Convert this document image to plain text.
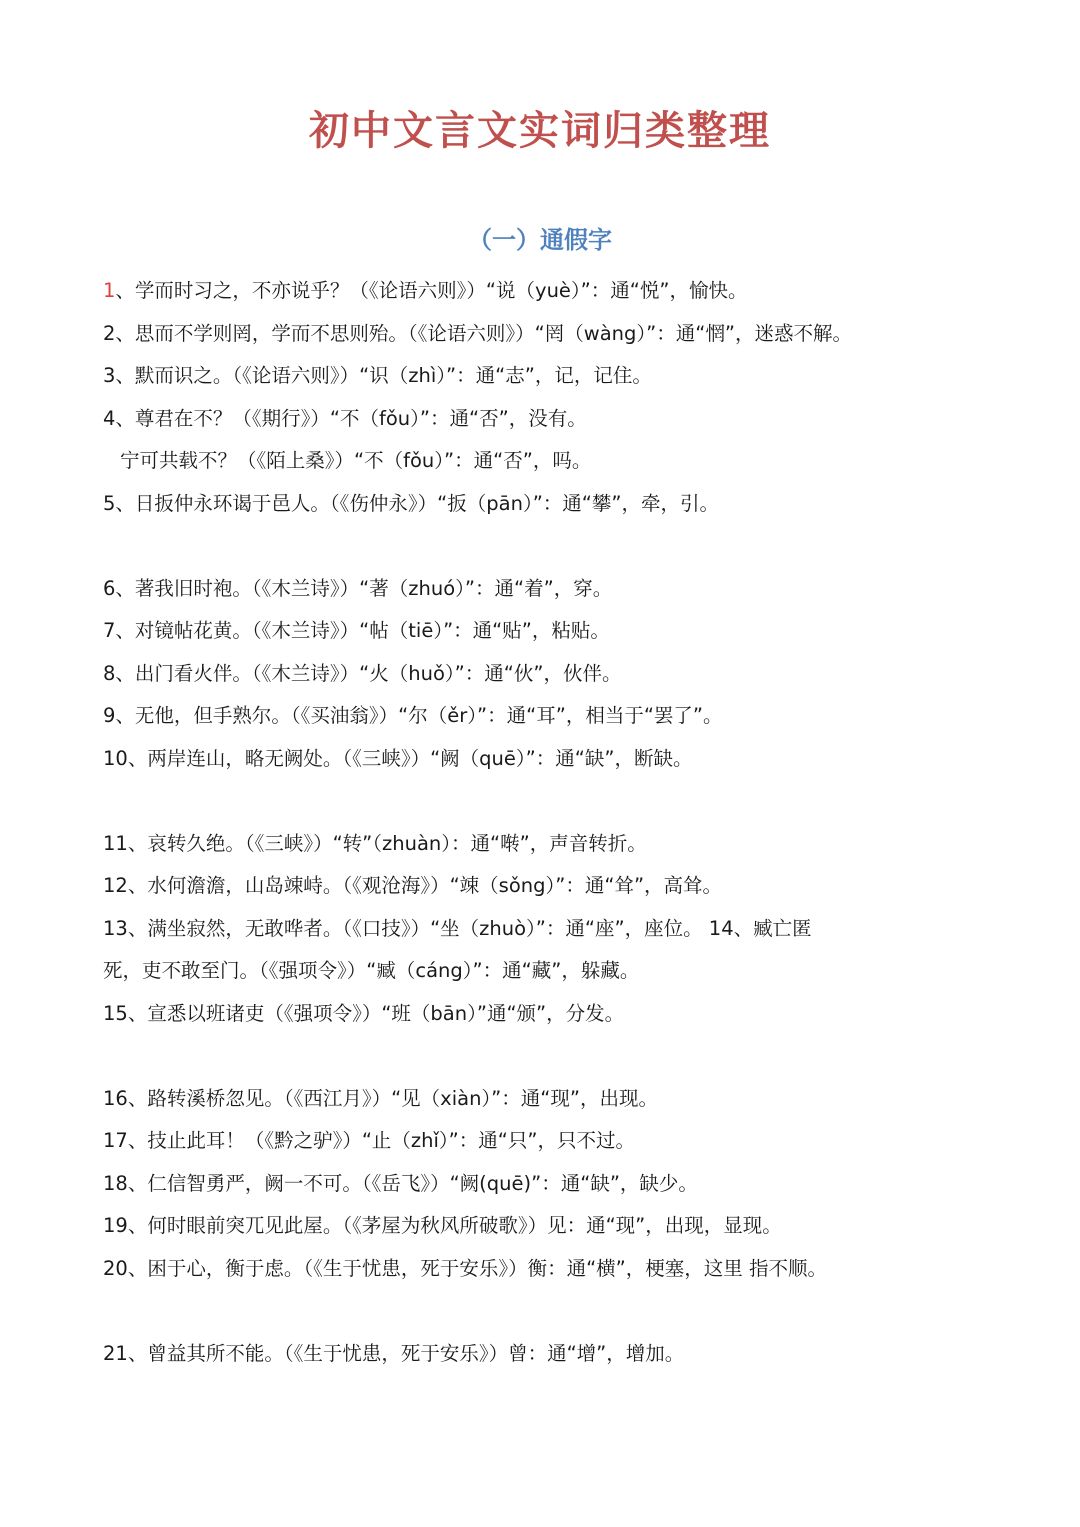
初中文言文实词归类整理
（一）通假字
1、学而时习之，不亦说乎？（《论语六则》）“说（yuè）”：通“悦”，愉快。
2、思而不学则罔，学而不思则殆。（《论语六则》）“罔（wàng）”：通“惘”，迷惑不解。
3、默而识之。（《论语六则》）“识（zhì）”：通“志”，记，记住。
4、尊君在不？（《期行》）“不（fǒu）”：通“否”，没有。
宁可共载不？（《陌上桑》）“不（fǒu）”：通“否”，吗。
5、日扳仲永环谒于邑人。（《伤仲永》）“扳（pān）”：通“攀”，牵，引。
6、著我旧时袍。（《木兰诗》）“著（zhuó）”：通“着”，穿。
7、对镜帖花黄。（《木兰诗》）“帖（tiē）”：通“贴”，粘贴。
8、出门看火伴。（《木兰诗》）“火（huǒ）”：通“伙”，伙伴。
9、无他，但手熟尔。（《买油翁》）“尔（ěr）”：通“耳”，相当于“罢了”。
10、两岸连山，略无阙处。（《三峡》）“阙（quē）”：通“缺”，断缺。
11、哀转久绝。（《三峡》）“转”（zhuàn）：通“啭”，声音转折。
12、水何澹澹，山岛竦峙。（《观沧海》）“竦（sǒng）”：通“耸”，高耸。
13、满坐寂然，无敢哗者。（《口技》）“坐（zhuò）”：通“座”，座位。 14、臧亡匿
死，吏不敢至门。（《强项令》）“臧（cáng）”：通“藏”，躲藏。
15、宣悉以班诸吏（《强项令》）“班（bān）”通“颁”，分发。
16、路转溪桥忽见。（《西江月》）“见（xiàn）”：通“现”，出现。
17、技止此耳！（《黔之驴》）“止（zhǐ）”：通“只”，只不过。
18、仁信智勇严，阙一不可。（《岳飞》）“阙(quē)”：通“缺”，缺少。
19、何时眼前突兀见此屋。（《茅屋为秋风所破歌》）见：通“现”，出现，显现。
20、困于心，衡于虑。（《生于忧患，死于安乐》）衡：通“横”，梗塞，这里 指不顺。
21、曾益其所不能。（《生于忧患，死于安乐》）曾：通“增”，增加。
